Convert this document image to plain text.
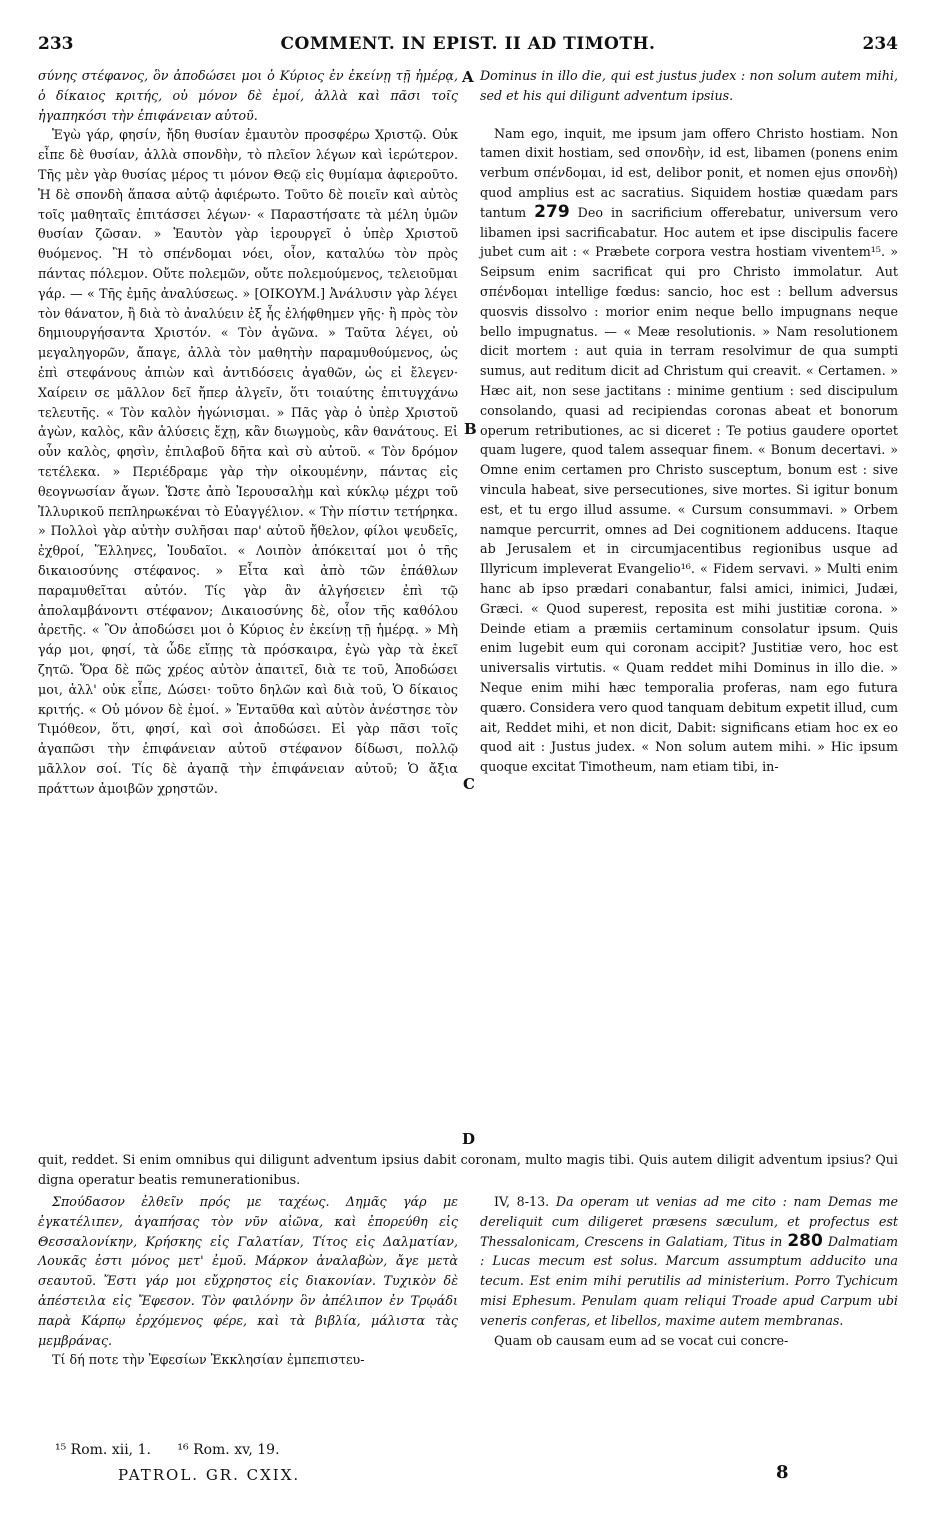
233	COMMENT. IN EPIST. II AD TIMOTH.	234

σύνης στέφανος, ὃν ἀποδώσει μοι ὁ Κύριος ἐν ἐκείνῃ τῇ ἡμέρᾳ, ὁ δίκαιος κριτής, οὐ μόνον δὲ ἐμοί, ἀλλὰ καὶ πᾶσι τοῖς ἠγαπηκόσι τὴν ἐπιφάνειαν αὐτοῦ.

Ἐγὼ γάρ, φησίν, ἤδη θυσίαν ἐμαυτὸν προσφέρω Χριστῷ. Οὐκ εἶπε δὲ θυσίαν, ἀλλὰ σπονδὴν, τὸ πλεῖον λέγων καὶ ἱερώτερον. Τῆς μὲν γὰρ θυσίας μέρος τι μόνον Θεῷ εἰς θυμίαμα ἀφιεροῦτο. Ἡ δὲ σπονδὴ ἅπασα αὐτῷ ἀφιέρωτο. Τοῦτο δὲ ποιεῖν καὶ αὐτὸς τοῖς μαθηταῖς ἐπιτάσσει λέγων· « Παραστήσατε τὰ μέλη ὑμῶν θυσίαν ζῶσαν. » Ἑαυτὸν γὰρ ἱερουργεῖ ὁ ὑπὲρ Χριστοῦ θυόμενος. Ἢ τὸ σπένδομαι νόει, οἷον, καταλύω τὸν πρὸς πάντας πόλεμον. Οὔτε πολεμῶν, οὔτε πολεμούμενος, τελειοῦμαι γάρ. — « Τῆς ἐμῆς ἀναλύσεως. » [ΟΙΚΟΥΜ.] Ἀνάλυσιν γὰρ λέγει τὸν θάνατον, ἢ διὰ τὸ ἀναλύειν ἐξ ἧς ἐλήφθημεν γῆς· ἢ πρὸς τὸν δημιουργήσαντα Χριστόν. « Τὸν ἀγῶνα. » Ταῦτα λέγει, οὐ μεγαληγορῶν, ἄπαγε, ἀλλὰ τὸν μαθητὴν παραμυθούμενος, ὡς ἐπὶ στεφάνους ἀπιὼν καὶ ἀντιδόσεις ἀγαθῶν, ὡς εἰ ἔλεγεν· Χαίρειν σε μᾶλλον δεῖ ἤπερ ἀλγεῖν, ὅτι τοιαύτης ἐπιτυγχάνω τελευτῆς. « Τὸν καλὸν ἠγώνισμαι. » Πᾶς γὰρ ὁ ὑπὲρ Χριστοῦ ἀγὼν, καλὸς, κἂν ἁλύσεις ἔχῃ, κἂν διωγμοὺς, κἂν θανάτους. Εἰ οὖν καλὸς, φησὶν, ἐπιλαβοῦ δῆτα καὶ σὺ αὐτοῦ. « Τὸν δρόμον τετέλεκα. » Περιέδραμε γὰρ τὴν οἰκουμένην, πάντας εἰς θεογνωσίαν ἄγων. Ὥστε ἀπὸ Ἱερουσαλὴμ καὶ κύκλῳ μέχρι τοῦ Ἰλλυρικοῦ πεπληρωκέναι τὸ Εὐαγγέλιον. « Τὴν πίστιν τετήρηκα. » Πολλοὶ γὰρ αὐτὴν συλῆσαι παρ' αὐτοῦ ἤθελον, φίλοι ψευδεῖς, ἐχθροί, Ἕλληνες, Ἰουδαῖοι. « Λοιπὸν ἀπόκειταί μοι ὁ τῆς δικαιοσύνης στέφανος. » Εἶτα καὶ ἀπὸ τῶν ἐπάθλων παραμυθεῖται αὐτόν. Τίς γὰρ ἂν ἀλγήσειεν ἐπὶ τῷ ἀπολαμβάνοντι στέφανον; Δικαιοσύνης δὲ, οἷον τῆς καθόλου ἀρετῆς. « Ὃν ἀποδώσει μοι ὁ Κύριος ἐν ἐκείνῃ τῇ ἡμέρᾳ. » Μὴ γάρ μοι, φησί, τὰ ὧδε εἴπῃς τὰ πρόσκαιρα, ἐγὼ γὰρ τὰ ἐκεῖ ζητῶ. Ὅρα δὲ πῶς χρέος αὐτὸν ἀπαιτεῖ, διὰ τε τοῦ, Ἀποδώσει μοι, ἀλλ' οὐκ εἶπε, Δώσει· τοῦτο δηλῶν καὶ διὰ τοῦ, Ὁ δίκαιος κριτής. « Οὐ μόνον δὲ ἐμοί. » Ἐνταῦθα καὶ αὐτὸν ἀνέστησε τὸν Τιμόθεον, ὅτι, φησί, καὶ σοὶ ἀποδώσει. Εἰ γὰρ πᾶσι τοῖς ἀγαπῶσι τὴν ἐπιφάνειαν αὐτοῦ στέφανον δίδωσι, πολλῷ μᾶλλον σοί. Τίς δὲ ἀγαπᾷ τὴν ἐπιφάνειαν αὐτοῦ; Ὁ ἄξια πράττων ἀμοιβῶν χρηστῶν.

A
B
C
D

Dominus in illo die, qui est justus judex : non solum autem mihi, sed et his qui diligunt adventum ipsius.

Nam ego, inquit, me ipsum jam offero Christo hostiam. Non tamen dixit hostiam, sed σπονδὴν, id est, libamen (ponens enim verbum σπένδομαι, id est, delibor ponit, et nomen ejus σπονδὴ) quod amplius est ac sacratius. Siquidem hostiæ quædam pars tantum 279 Deo in sacrificium offerebatur, universum vero libamen ipsi sacrificabatur. Hoc autem et ipse discipulis facere jubet cum ait : « Præbete corpora vestra hostiam viventem¹⁵. » Seipsum enim sacrificat qui pro Christo immolatur. Aut σπένδομαι intellige fœdus: sancio, hoc est : bellum adversus quosvis dissolvo : morior enim neque bello impugnans neque bello impugnatus. — « Meæ resolutionis. » Nam resolutionem dicit mortem : aut quia in terram resolvimur de qua sumpti sumus, aut reditum dicit ad Christum qui creavit. « Certamen. » Hæc ait, non sese jactitans : minime gentium : sed discipulum consolando, quasi ad recipiendas coronas abeat et bonorum operum retributiones, ac si diceret : Te potius gaudere oportet quam lugere, quod talem assequar finem. « Bonum decertavi. » Omne enim certamen pro Christo susceptum, bonum est : sive vincula habeat, sive persecutiones, sive mortes. Si igitur bonum est, et tu ergo illud assume. « Cursum consummavi. » Orbem namque percurrit, omnes ad Dei cognitionem adducens. Itaque ab Jerusalem et in circumjacentibus regionibus usque ad Illyricum impleverat Evangelio¹⁶. « Fidem servavi. » Multi enim hanc ab ipso prædari conabantur, falsi amici, inimici, Judæi, Græci. « Quod superest, reposita est mihi justitiæ corona. » Deinde etiam a præmiis certaminum consolatur ipsum. Quis enim lugebit eum qui coronam accipit? Justitiæ vero, hoc est universalis virtutis. « Quam reddet mihi Dominus in illo die. » Neque enim mihi hæc temporalia proferas, nam ego futura quæro. Considera vero quod tanquam debitum expetit illud, cum ait, Reddet mihi, et non dicit, Dabit: significans etiam hoc ex eo quod ait : Justus judex. « Non solum autem mihi. » Hic ipsum quoque excitat Timotheum, nam etiam tibi, in-

quit, reddet. Si enim omnibus qui diligunt adventum ipsius dabit coronam, multo magis tibi. Quis autem diligit adventum ipsius? Qui digna operatur beatis remunerationibus.

Σπούδασον ἐλθεῖν πρός με ταχέως. Δημᾶς γάρ με ἐγκατέλιπεν, ἀγαπήσας τὸν νῦν αἰῶνα, καὶ ἐπορεύθη εἰς Θεσσαλονίκην, Κρήσκης εἰς Γαλατίαν, Τίτος εἰς Δαλματίαν, Λουκᾶς ἐστι μόνος μετ' ἐμοῦ. Μάρκον ἀναλαβὼν, ἄγε μετὰ σεαυτοῦ. Ἔστι γάρ μοι εὔχρηστος εἰς διακονίαν. Τυχικὸν δὲ ἀπέστειλα εἰς Ἔφεσον. Τὸν φαιλόνην ὃν ἀπέλιπον ἐν Τρῳάδι παρὰ Κάρπῳ ἐρχόμενος φέρε, καὶ τὰ βιβλία, μάλιστα τὰς μεμβράνας.

Τί δή ποτε τὴν Ἐφεσίων Ἐκκλησίαν ἐμπεπιστευ-

IV, 8-13. Da operam ut venias ad me cito : nam Demas me dereliquit cum diligeret præsens sæculum, et profectus est Thessalonicam, Crescens in Galatiam, Titus in 280 Dalmatiam : Lucas mecum est solus. Marcum assumptum adducito una tecum. Est enim mihi perutilis ad ministerium. Porro Tychicum misi Ephesum. Penulam quam reliqui Troade apud Carpum ubi veneris conferas, et libellos, maxime autem membranas.

Quam ob causam eum ad se vocat cui concre-

¹⁵ Rom. xii, 1. ¹⁶ Rom. xv, 19.
PATROL. GR. CXIX.	8
